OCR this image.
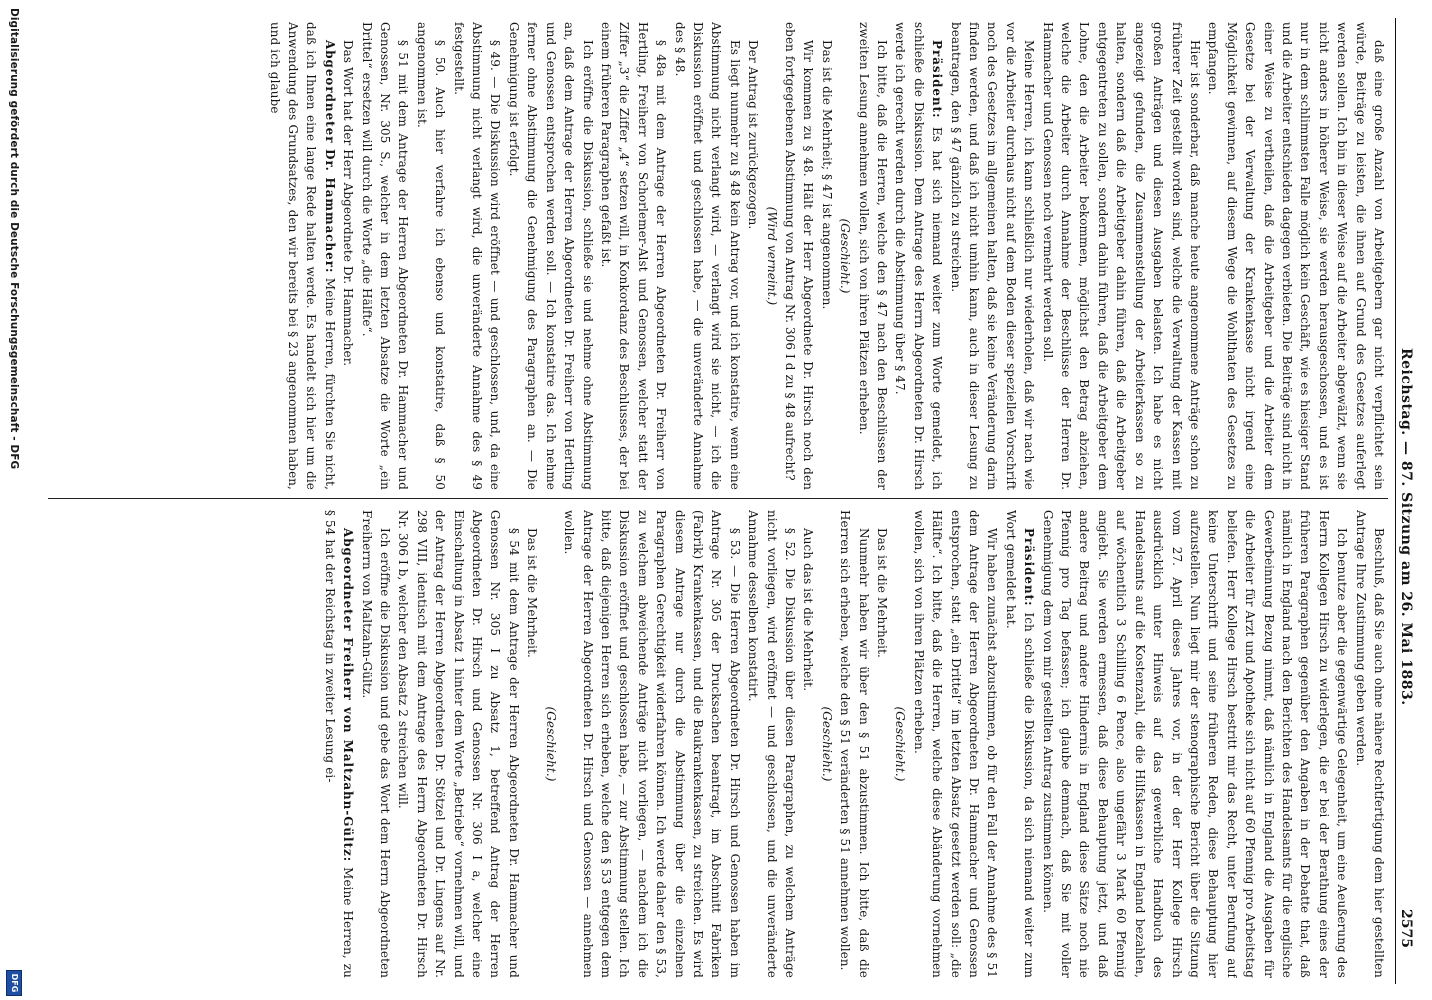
Reichstag. — 87. Sitzung am 26. Mai 1883.
2575

daß eine große Anzahl von Arbeitgebern gar nicht verpflichtet sein würde, Beiträge zu leisten, die ihnen auf Grund des Gesetzes auferlegt werden sollen. Ich bin in dieser Weise auf die Arbeiter abgewälzt, wenn sie nicht anders in höherer Weise, sie werden herausgeschossen, und es ist nur in dem schlimmsten Falle möglich kein Geschäft, wie es hiesiger Stand und die Arbeiter entschieden dagegen verbieten. Die Beiträge sind nicht in einer Weise zu vertheilen, daß die Arbeitgeber und die Arbeiter dem Gesetze bei der Verwaltung der Krankenkasse nicht irgend eine Möglichkeit gewinnen, auf diesem Wege die Wohlthaten des Gesetzes zu empfangen.

Hier ist sonderbar, daß manche heute angenommene Anträge schon zu früherer Zeit gestellt worden sind, welche die Verwaltung der Kassen mit großen Anträgen und diesen Ausgaben belasten. Ich habe es nicht angezeigt gefunden, die Zusammenstellung der Arbeiterkassen so zu halten, sondern daß die Arbeitgeber dahin führen, daß die Arbeitgeber entgegentreten zu sollen, sondern dahin führen, daß die Arbeitgeber dem Lohne, den die Arbeiter bekommen, möglichst den Betrag abziehen, welche die Arbeiter durch Annahme der Beschlüsse der Herren Dr. Hammacher und Genossen noch vermehrt werden soll.

Meine Herren, ich kann schließlich nur wiederholen, daß wir nach wie vor die Arbeiter durchaus nicht auf dem Boden dieser speziellen Vorschrift noch des Gesetzes im allgemeinen halten, daß sie keine Veränderung darin finden werden, und daß ich nicht umhin kann, auch in dieser Lesung zu beantragen, den § 47 gänzlich zu streichen.

Präsident: Es hat sich niemand weiter zum Worte gemeldet, ich schließe die Diskussion. Dem Antrage des Herrn Abgeordneten Dr. Hirsch werde ich gerecht werden durch die Abstimmung über § 47.

Ich bitte, daß die Herren, welche den § 47 nach den Beschlüssen der zweiten Lesung annehmen wollen, sich von ihren Plätzen erheben.

(Geschieht.)

Das ist die Mehrheit; § 47 ist angenommen.

Wir kommen zu § 48. Hält der Herr Abgeordnete Dr. Hirsch noch den eben fortgegebenen Abstimmung von Antrag Nr. 306 I d zu § 48 aufrecht?

(Wird verneint.)

Der Antrag ist zurückgezogen.

Es liegt nunmehr zu § 48 kein Antrag vor, und ich konstatire, wenn eine Abstimmung nicht verlangt wird, — verlangt wird sie nicht, — ich die Diskussion eröffnet und geschlossen habe, — die unveränderte Annahme des § 48.

§ 48a mit dem Antrage der Herren Abgeordneten Dr. Freiherr von Hertling, Freiherr von Schorlemer-Alst und Genossen, welcher statt der Ziffer „3“ die Ziffer „4“ setzen will, in Konkordanz des Beschlusses, der bei einem früheren Paragraphen gefaßt ist.

Ich eröffne die Diskussion, schließe sie und nehme ohne Abstimmung an, daß dem Antrage der Herren Abgeordneten Dr. Freiherr von Hertling und Genossen entsprochen werden soll. — Ich konstatire das. Ich nehme ferner ohne Abstimmung die Genehmigung des Paragraphen an. — Die Genehmigung ist erfolgt.

§ 49. — Die Diskussion wird eröffnet — und geschlossen, und, da eine Abstimmung nicht verlangt wird, die unveränderte Annahme des § 49 festgestellt.

§ 50. Auch hier verfahre ich ebenso und konstatire, daß § 50 angenommen ist.

§ 51 mit dem Antrage der Herren Abgeordneten Dr. Hammacher und Genossen, Nr. 305 S., welcher in dem letzten Absatze die Worte „ein Drittel“ ersetzen will durch die Worte „die Hälfte“.

Das Wort hat der Herr Abgeordnete Dr. Hammacher.

Abgeordneter Dr. Hammacher: Meine Herren, fürchten Sie nicht, daß ich Ihnen eine lange Rede halten werde. Es handelt sich hier um die Anwendung des Grundsatzes, den wir bereits bei § 23 angenommen haben, und ich glaube

Beschluß, daß Sie auch ohne nähere Rechtfertigung dem hier gestellten Antrage Ihre Zustimmung geben werden.

Ich benutze aber die gegenwärtige Gelegenheit, um eine Aeußerung des Herrn Kollegen Hirsch zu widerlegen, die er bei der Berathung eines der früheren Paragraphen gegenüber den Angaben in der Debatte that, daß nämlich in England nach den Berichten des Handelsamts für die englische Gewerbeinnung Bezug nimmt, daß nämlich in England die Ausgaben für die Arbeiter für Arzt und Apotheke sich nicht auf 60 Pfennig pro Arbeitstag beliefen. Herr Kollege Hirsch bestritt mir das Recht, unter Berufung auf keine Unterschrift und seine früheren Reden, diese Behauptung hier aufzustellen. Nun liegt mir der stenographische Bericht über die Sitzung vom 27. April dieses Jahres vor, in der der Herr Kollege Hirsch ausdrücklich unter Hinweis auf das gewerbliche Handbuch des Handelsamts auf die Kostenzahl, die die Hilfskassen in England bezahlen, auf wöchentlich 3 Schilling 6 Pence, also ungefähr 3 Mark 60 Pfennig angiebt. Sie werden ermessen, daß diese Behauptung jetzt, und daß andere Beitrag und andere Hindernis in England diese Sätze noch nie Pfennig pro Tag befassen; ich glaube demnach, daß Sie mit voller Genehmigung dem von mir gestellten Antrag zustimmen können.

Präsident: Ich schließe die Diskussion, da sich niemand weiter zum Wort gemeldet hat.

Wir haben zunächst abzustimmen, ob für den Fall der Annahme des § 51 dem Antrage der Herren Abgeordneten Dr. Hammacher und Genossen entsprochen, statt „ein Drittel“ im letzten Absatz gesetzt werden soll: „die Hälfte“. Ich bitte, daß die Herren, welche diese Abänderung vornehmen wollen, sich von ihren Plätzen erheben.

(Geschieht.)

Das ist die Mehrheit.

Nunmehr haben wir über den § 51 abzustimmen. Ich bitte, daß die Herren sich erheben, welche den § 51 veränderten § 51 annehmen wollen.

(Geschieht.)

Auch das ist die Mehrheit.

§ 52. Die Diskussion über diesen Paragraphen, zu welchem Anträge nicht vorliegen, wird eröffnet — und geschlossen, und die unveränderte Annahme desselben konstatirt.

§ 53. — Die Herren Abgeordneten Dr. Hirsch und Genossen haben im Antrage Nr. 305 der Drucksachen beantragt, im Abschnitt Fabriken (Fabrik) Krankenkassen, und die Baukrankenkassen, zu streichen. Es wird diesem Antrage nur durch die Abstimmung über die einzelnen Paragraphen Gerechtigkeit widerfahren können. Ich werde daher den § 53, zu welchem abweichende Anträge nicht vorliegen, — nachdem ich die Diskussion eröffnet und geschlossen habe, — zur Abstimmung stellen. Ich bitte, daß diejenigen Herren sich erheben, welche den § 53 entgegen dem Antrage der Herren Abgeordneten Dr. Hirsch und Genossen — annehmen wollen.

(Geschieht.)

Das ist die Mehrheit.

§ 54 mit dem Antrage der Herren Abgeordneten Dr. Hammacher und Genossen Nr. 305 I zu Absatz 1, betreffend Antrag der Herren Abgeordneten Dr. Hirsch und Genossen Nr. 306 I a, welcher eine Einschaltung in Absatz 1 hinter dem Worte „Betriebe“ vornehmen will, und der Antrag der Herren Abgeordneten Dr. Stötzel und Dr. Lingens auf Nr. 298 VIII, identisch mit dem Antrage des Herrn Abgeordneten Dr. Hirsch Nr. 306 I b, welcher den Absatz 2 streichen will.

Ich eröffne die Diskussion und gebe das Wort dem Herrn Abgeordneten Freiherrn von Maltzahn-Gültz.

Abgeordneter Freiherr von Maltzahn-Gültz: Meine Herren, zu § 54 hat der Reichstag in zweiter Lesung ei-

Digitalisierung gefördert durch die Deutsche Forschungsgemeinschaft - DFG
DFG
